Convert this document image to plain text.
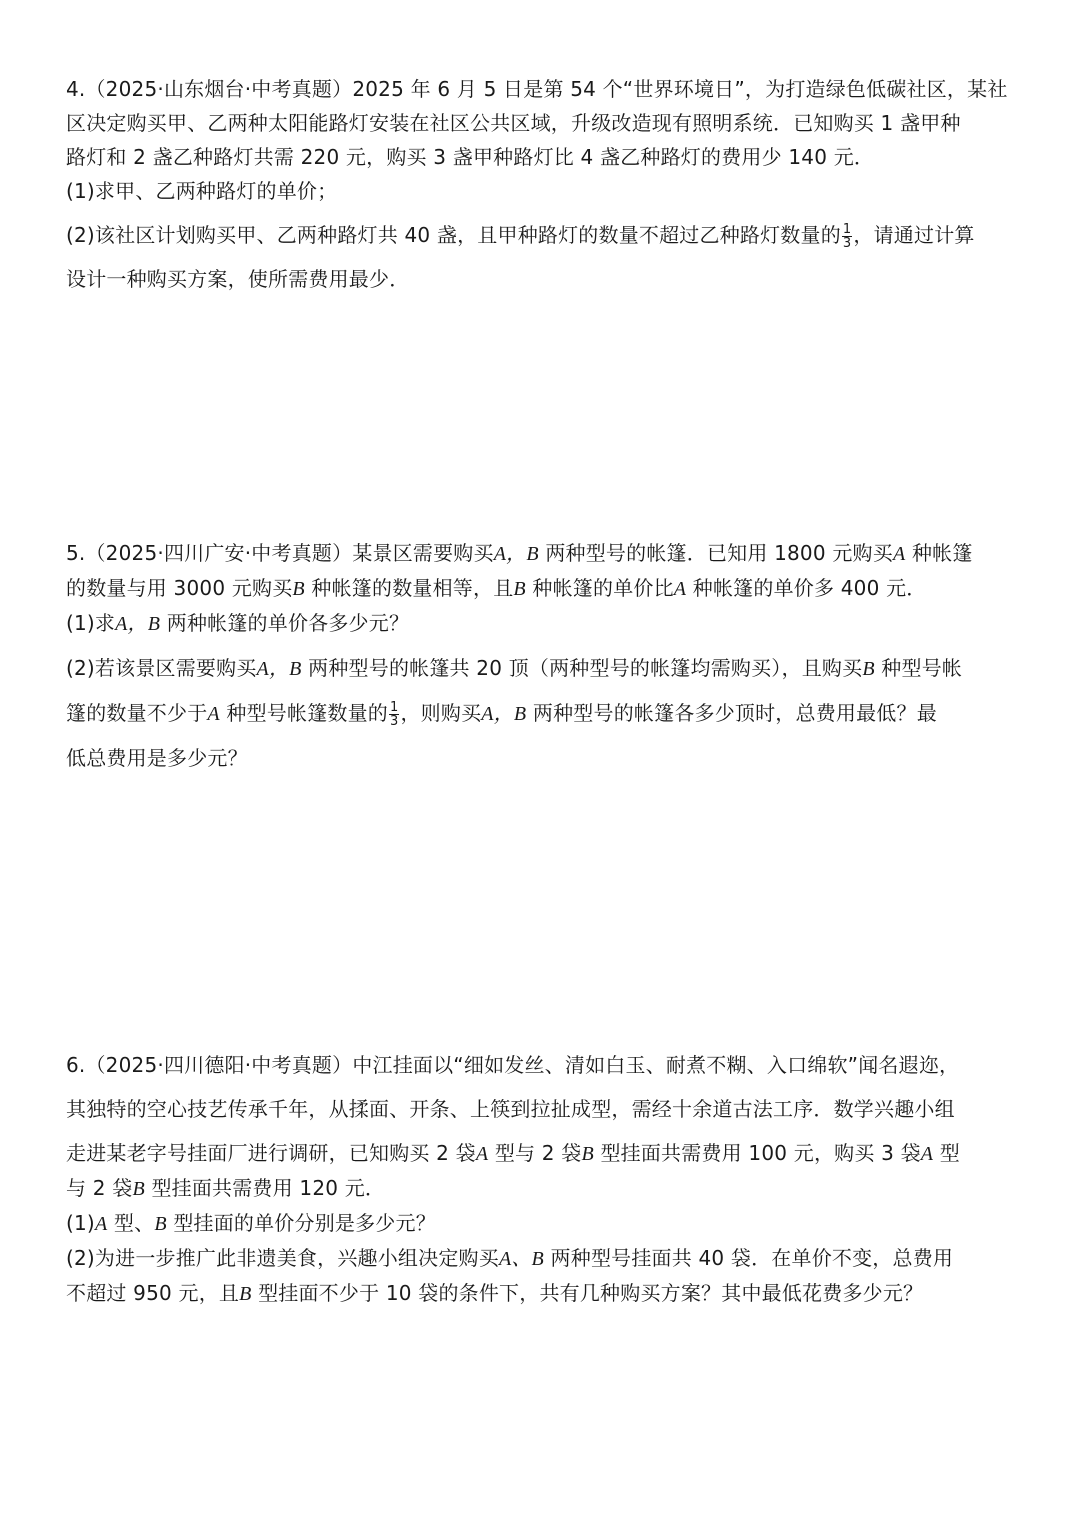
4.（2025·山东烟台·中考真题）2025 年 6 月 5 日是第 54 个“世界环境日”，为打造绿色低碳社区，某社

区决定购买甲、乙两种太阳能路灯安装在社区公共区域，升级改造现有照明系统．已知购买 1 盏甲种

路灯和 2 盏乙种路灯共需 220 元，购买 3 盏甲种路灯比 4 盏乙种路灯的费用少 140 元．

(1)求甲、乙两种路灯的单价；

(2)该社区计划购买甲、乙两种路灯共 40 盏，且甲种路灯的数量不超过乙种路灯数量的 $\frac{1}{3}$ ，请通过计算

设计一种购买方案，使所需费用最少．

5.（2025·四川广安·中考真题）某景区需要购买A，B 两种型号的帐篷．已知用 1800 元购买A 种帐篷

的数量与用 3000 元购买B 种帐篷的数量相等，且B 种帐篷的单价比A 种帐篷的单价多 400 元．

(1)求A，B 两种帐篷的单价各多少元？

(2)若该景区需要购买A，B 两种型号的帐篷共 20 顶（两种型号的帐篷均需购买），且购买B 种型号帐

篷的数量不少于A 种型号帐篷数量的 $\frac{1}{3}$ ，则购买A，B 两种型号的帐篷各多少顶时，总费用最低？最

低总费用是多少元？

6.（2025·四川德阳·中考真题）中江挂面以“细如发丝、清如白玉、耐煮不糊、入口绵软”闻名遐迩，

其独特的空心技艺传承千年，从揉面、开条、上筷到拉扯成型，需经十余道古法工序．数学兴趣小组

走进某老字号挂面厂进行调研，已知购买 2 袋A 型与 2 袋B 型挂面共需费用 100 元，购买 3 袋A 型

与 2 袋B 型挂面共需费用 120 元．

(1)A 型、B 型挂面的单价分别是多少元？

(2)为进一步推广此非遗美食，兴趣小组决定购买A、B 两种型号挂面共 40 袋．在单价不变，总费用

不超过 950 元，且B 型挂面不少于 10 袋的条件下，共有几种购买方案？其中最低花费多少元？
